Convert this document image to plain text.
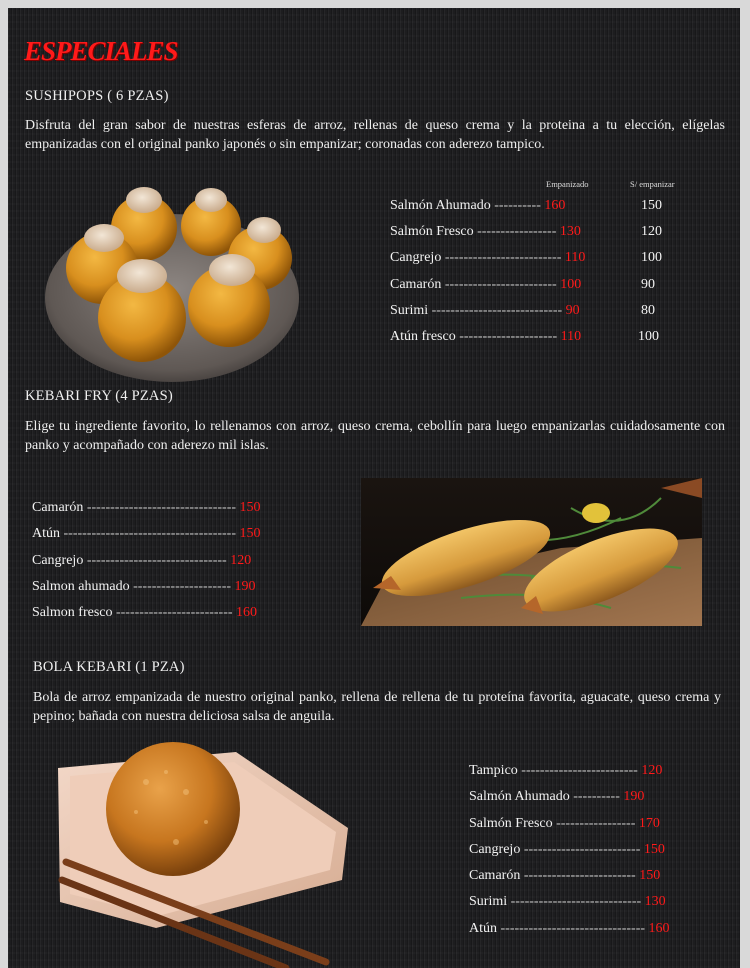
ESPECIALES
SUSHIPOPS ( 6 PZAS)
Disfruta del gran sabor de nuestras esferas de arroz, rellenas de queso crema y la proteina a tu elección, elígelas empanizadas con el original panko japonés o sin empanizar; coronadas con aderezo tampico.
Empanizado	S/ empanizar
Salmón Ahumado ---------- 160	150
Salmón Fresco ----------------- 130	120
Cangrejo ------------------------- 110	100
Camarón ------------------------ 100	90
Surimi ---------------------------- 90	80
Atún fresco --------------------- 110	100
KEBARI FRY (4 PZAS)
Elige tu ingrediente favorito, lo rellenamos con arroz, queso crema, cebollín para luego empanizarlas cuidadosamente con panko y acompañado con aderezo mil islas.
Camarón -------------------------------- 150
Atún ------------------------------------- 150
Cangrejo ------------------------------ 120
Salmon ahumado --------------------- 190
Salmon fresco ------------------------- 160
BOLA KEBARI (1 PZA)
Bola de arroz empanizada de nuestro original panko, rellena de rellena de tu proteína favorita, aguacate, queso crema y pepino; bañada con nuestra deliciosa salsa de anguila.
Tampico ------------------------- 120
Salmón Ahumado ---------- 190
Salmón Fresco ----------------- 170
Cangrejo ------------------------- 150
Camarón ------------------------ 150
Surimi ---------------------------- 130
Atún ------------------------------- 160
